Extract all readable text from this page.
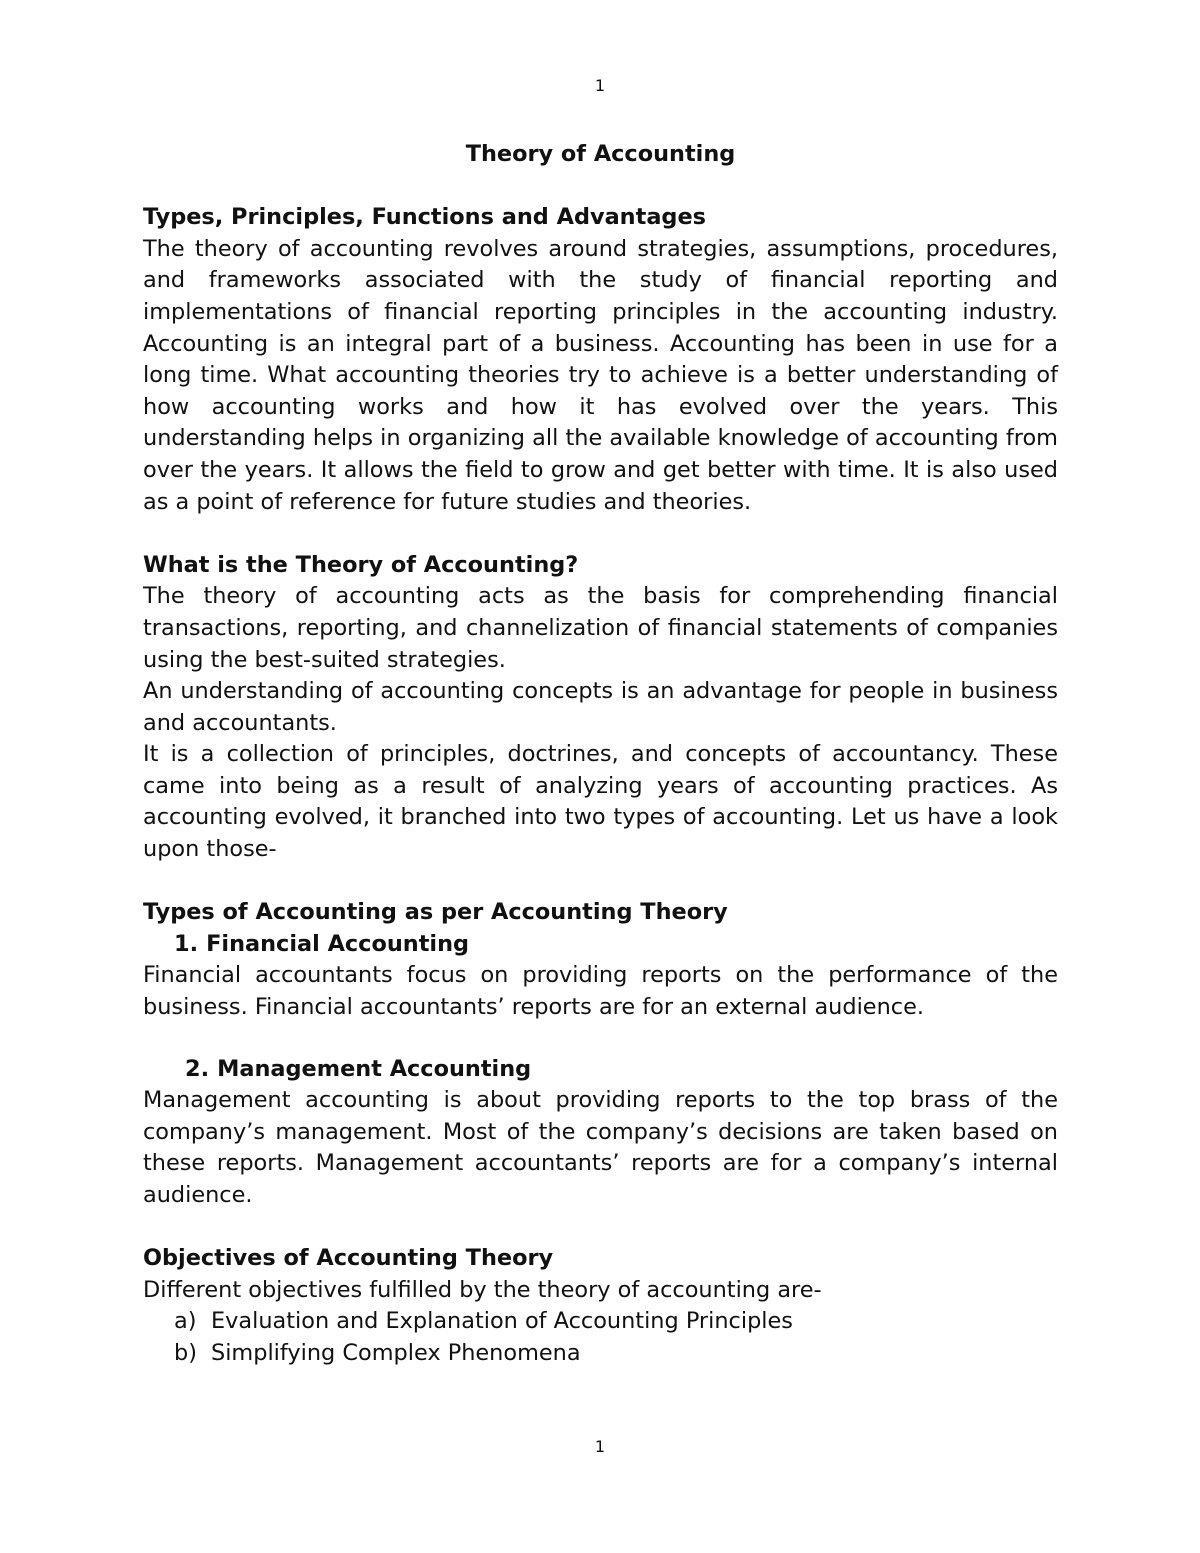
1
Theory of Accounting
Types, Principles, Functions and Advantages

The theory of accounting revolves around strategies, assumptions, procedures, and frameworks associated with the study of financial reporting and implementations of financial reporting principles in the accounting industry. Accounting is an integral part of a business. Accounting has been in use for a long time. What accounting theories try to achieve is a better understanding of how accounting works and how it has evolved over the years. This understanding helps in organizing all the available knowledge of accounting from over the years. It allows the field to grow and get better with time. It is also used as a point of reference for future studies and theories.

What is the Theory of Accounting?

The theory of accounting acts as the basis for comprehending financial transactions, reporting, and channelization of financial statements of companies using the best-suited strategies.

An understanding of accounting concepts is an advantage for people in business and accountants.

It is a collection of principles, doctrines, and concepts of accountancy. These came into being as a result of analyzing years of accounting practices. As accounting evolved, it branched into two types of accounting. Let us have a look upon those-

Types of Accounting as per Accounting Theory
1. Financial Accounting

Financial accountants focus on providing reports on the performance of the business. Financial accountants’ reports are for an external audience.

2. Management Accounting

Management accounting is about providing reports to the top brass of the company’s management. Most of the company’s decisions are taken based on these reports. Management accountants’ reports are for a company’s internal audience.

Objectives of Accounting Theory

Different objectives fulfilled by the theory of accounting are-

a) Evaluation and Explanation of Accounting Principles
b) Simplifying Complex Phenomena
1
